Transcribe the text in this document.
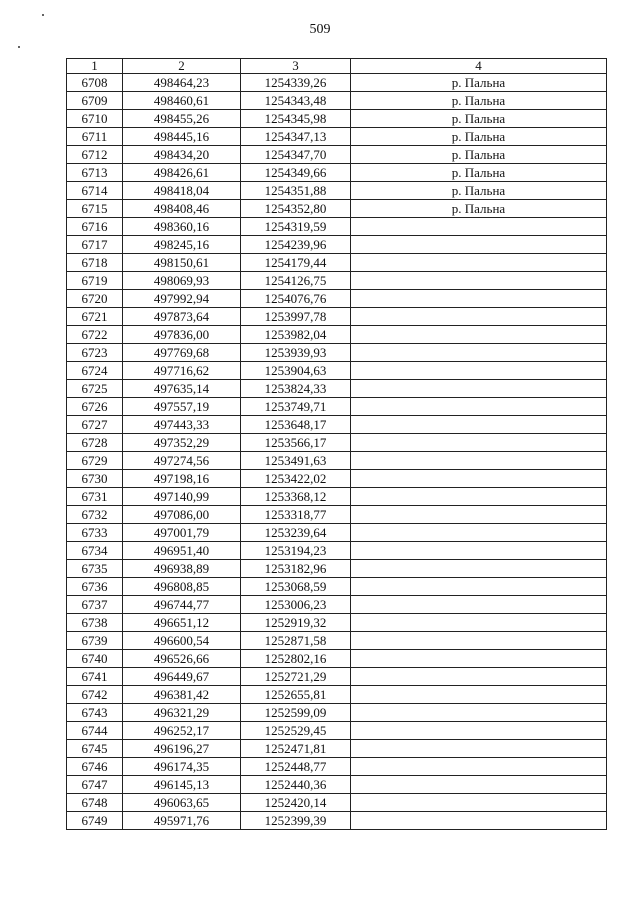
509
1	2	3	4
6708	498464,23	1254339,26	р. Пальна
6709	498460,61	1254343,48	р. Пальна
6710	498455,26	1254345,98	р. Пальна
6711	498445,16	1254347,13	р. Пальна
6712	498434,20	1254347,70	р. Пальна
6713	498426,61	1254349,66	р. Пальна
6714	498418,04	1254351,88	р. Пальна
6715	498408,46	1254352,80	р. Пальна
6716	498360,16	1254319,59	
6717	498245,16	1254239,96	
6718	498150,61	1254179,44	
6719	498069,93	1254126,75	
6720	497992,94	1254076,76	
6721	497873,64	1253997,78	
6722	497836,00	1253982,04	
6723	497769,68	1253939,93	
6724	497716,62	1253904,63	
6725	497635,14	1253824,33	
6726	497557,19	1253749,71	
6727	497443,33	1253648,17	
6728	497352,29	1253566,17	
6729	497274,56	1253491,63	
6730	497198,16	1253422,02	
6731	497140,99	1253368,12	
6732	497086,00	1253318,77	
6733	497001,79	1253239,64	
6734	496951,40	1253194,23	
6735	496938,89	1253182,96	
6736	496808,85	1253068,59	
6737	496744,77	1253006,23	
6738	496651,12	1252919,32	
6739	496600,54	1252871,58	
6740	496526,66	1252802,16	
6741	496449,67	1252721,29	
6742	496381,42	1252655,81	
6743	496321,29	1252599,09	
6744	496252,17	1252529,45	
6745	496196,27	1252471,81	
6746	496174,35	1252448,77	
6747	496145,13	1252440,36	
6748	496063,65	1252420,14	
6749	495971,76	1252399,39	
